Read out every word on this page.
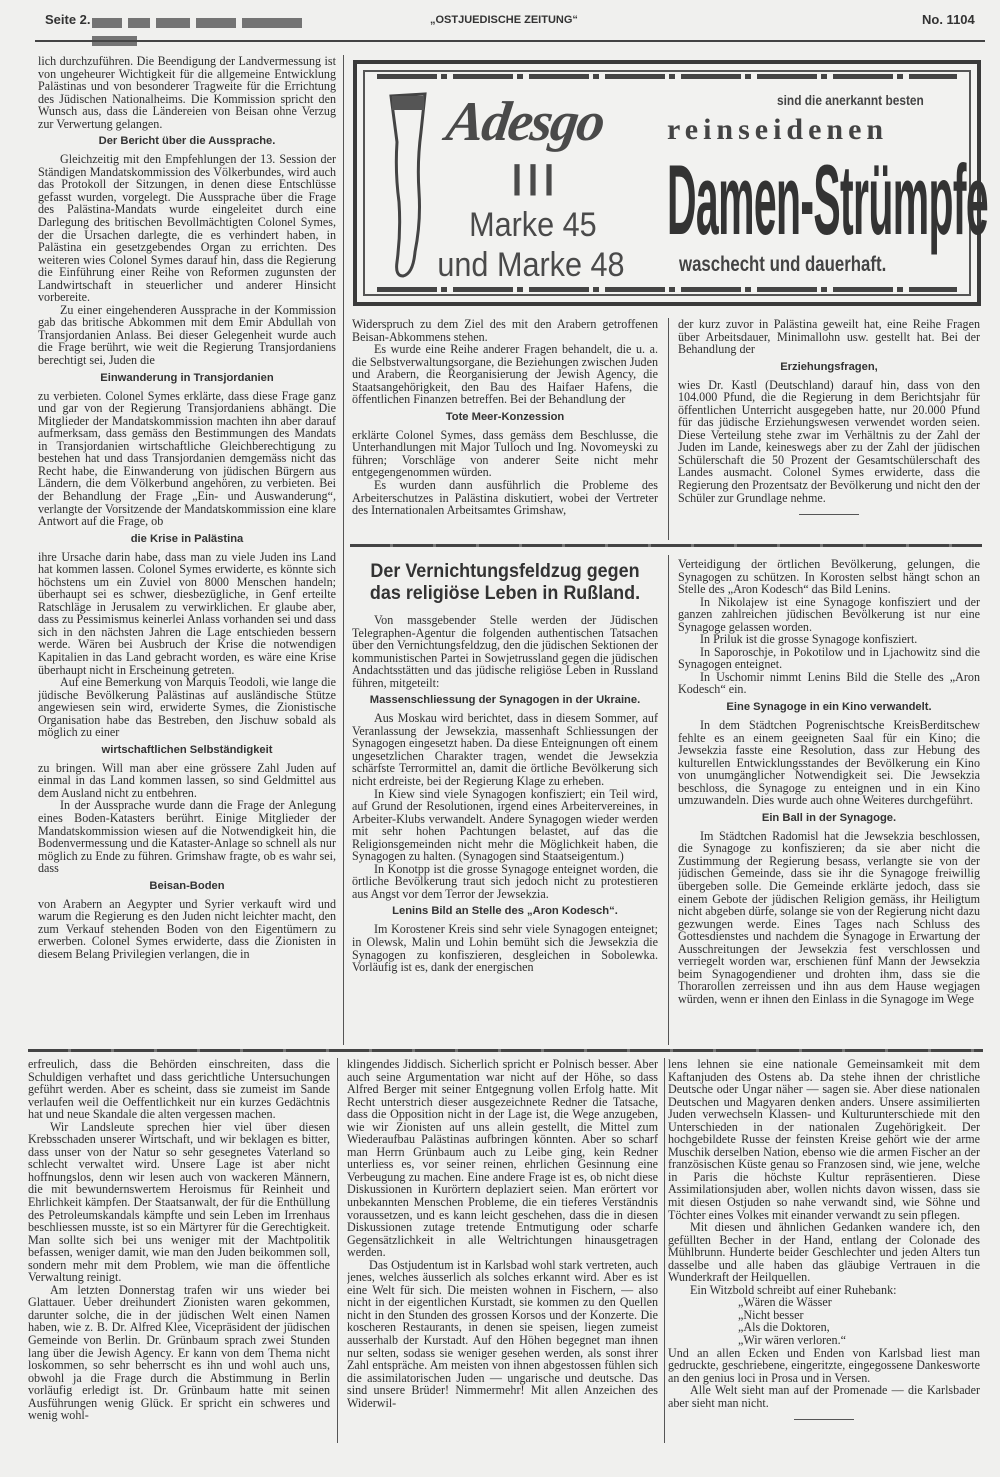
Seite 2.	„OSTJUEDISCHE ZEITUNG“	No. 1104

lich durchzuführen. Die Beendigung der Landvermessung ist von ungeheurer Wichtigkeit für die allgemeine Entwicklung Palästinas und von besonderer Tragweite für die Errichtung des Jüdischen Nationalheims. Die Kommission spricht den Wunsch aus, dass die Ländereien von Beisan ohne Verzug zur Verwertung gelangen.

Der Bericht über die Aussprache.

Gleichzeitig mit den Empfehlungen der 13. Session der Ständigen Mandatskommission des Völkerbundes, wird auch das Protokoll der Sitzungen, in denen diese Entschlüsse gefasst wurden, vorgelegt. Die Aussprache über die Frage des Palästina-Mandats wurde eingeleitet durch eine Darlegung des britischen Bevollmächtigten Colonel Symes, der die Ursachen darlegte, die es verhindert haben, in Palästina ein gesetzgebendes Organ zu errichten. Des weiteren wies Colonel Symes darauf hin, dass die Regierung die Einführung einer Reihe von Reformen zugunsten der Landwirtschaft in steuerlicher und anderer Hinsicht vorbereite.

Zu einer eingehenderen Aussprache in der Kommission gab das britische Abkommen mit dem Emir Abdullah von Transjordanien Anlass. Bei dieser Gelegenheit wurde auch die Frage berührt, wie weit die Regierung Transjordaniens berechtigt sei, Juden die

Einwanderung in Transjordanien

zu verbieten. Colonel Symes erklärte, dass diese Frage ganz und gar von der Regierung Transjordaniens abhängt. Die Mitglieder der Mandatskommission machten ihn aber darauf aufmerksam, dass gemäss den Bestimmungen des Mandats in Transjordanien wirtschaftliche Gleichberechtigung zu bestehen hat und dass Transjordanien demgemäss nicht das Recht habe, die Einwanderung von jüdischen Bürgern aus Ländern, die dem Völkerbund angehören, zu verbieten. Bei der Behandlung der Frage „Ein- und Auswanderung“, verlangte der Vorsitzende der Mandatskommission eine klare Antwort auf die Frage, ob

die Krise in Palästina

ihre Ursache darin habe, dass man zu viele Juden ins Land hat kommen lassen. Colonel Symes erwiderte, es könnte sich höchstens um ein Zuviel von 8000 Menschen handeln; überhaupt sei es schwer, diesbezügliche, in Genf erteilte Ratschläge in Jerusalem zu verwirklichen. Er glaube aber, dass zu Pessimismus keinerlei Anlass vorhanden sei und dass sich in den nächsten Jahren die Lage entschieden bessern werde. Wären bei Ausbruch der Krise die notwendigen Kapitalien in das Land gebracht worden, es wäre eine Krise überhaupt nicht in Erscheinung getreten.

Auf eine Bemerkung von Marquis Teodoli, wie lange die jüdische Bevölkerung Palästinas auf ausländische Stütze angewiesen sein wird, erwiderte Symes, die Zionistische Organisation habe das Bestreben, den Jischuw sobald als möglich zu einer

wirtschaftlichen Selbständigkeit

zu bringen. Will man aber eine grössere Zahl Juden auf einmal in das Land kommen lassen, so sind Geldmittel aus dem Ausland nicht zu entbehren.

In der Aussprache wurde dann die Frage der Anlegung eines Boden-Katasters berührt. Einige Mitglieder der Mandatskommission wiesen auf die Notwendigkeit hin, die Bodenvermessung und die Kataster-Anlage so schnell als nur möglich zu Ende zu führen. Grimshaw fragte, ob es wahr sei, dass

Beisan-Boden

von Arabern an Aegypter und Syrier verkauft wird und warum die Regierung es den Juden nicht leichter macht, den zum Verkauf stehenden Boden von den Eigentümern zu erwerben. Colonel Symes erwiderte, dass die Zionisten in diesem Belang Privilegien verlangen, die in

Adesgo
III
Marke 45
und Marke 48
sind die anerkannt besten
reinseidenen
Damen-Strümpfe
waschecht und dauerhaft.

Widerspruch zu dem Ziel des mit den Arabern getroffenen Beisan-Abkommens stehen.

Es wurde eine Reihe anderer Fragen behandelt, die u. a. die Selbstverwaltungsorgane, die Beziehungen zwischen Juden und Arabern, die Reorganisierung der Jewish Agency, die Staatsangehörigkeit, den Bau des Haifaer Hafens, die öffentlichen Finanzen betreffen. Bei der Behandlung der

Tote Meer-Konzession

erklärte Colonel Symes, dass gemäss dem Beschlusse, die Unterhandlungen mit Major Tulloch und Ing. Novomeyski zu führen; Vorschläge von anderer Seite nicht mehr entgegengenommen würden.

Es wurden dann ausführlich die Probleme des Arbeiterschutzes in Palästina diskutiert, wobei der Vertreter des Internationalen Arbeitsamtes Grimshaw,

der kurz zuvor in Palästina geweilt hat, eine Reihe Fragen über Arbeitsdauer, Minimallohn usw. gestellt hat. Bei der Behandlung der

Erziehungsfragen,

wies Dr. Kastl (Deutschland) darauf hin, dass von den 104.000 Pfund, die die Regierung in dem Berichtsjahr für öffentlichen Unterricht ausgegeben hatte, nur 20.000 Pfund für das jüdische Erziehungswesen verwendet worden seien. Diese Verteilung stehe zwar im Verhältnis zu der Zahl der Juden im Lande, keineswegs aber zu der Zahl der jüdischen Schülerschaft die 50 Prozent der Gesamtschülerschaft des Landes ausmacht. Colonel Symes erwiderte, dass die Regierung den Prozentsatz der Bevölkerung und nicht den der Schüler zur Grundlage nehme.

Der Vernichtungsfeldzug gegen das religiöse Leben in Rußland.

Von massgebender Stelle werden der Jüdischen Telegraphen-Agentur die folgenden authentischen Tatsachen über den Vernichtungsfeldzug, den die jüdischen Sektionen der kommunistischen Partei in Sowjetrussland gegen die jüdischen Andachtsstätten und das jüdische religiöse Leben in Russland führen, mitgeteilt:

Massenschliessung der Synagogen in der Ukraine.

Aus Moskau wird berichtet, dass in diesem Sommer, auf Veranlassung der Jewsekzia, massenhaft Schliessungen der Synagogen eingesetzt haben. Da diese Enteignungen oft einem ungesetzlichen Charakter tragen, wendet die Jewsekzia schärfste Terrormittel an, damit die örtliche Bevölkerung sich nicht erdreiste, bei der Regierung Klage zu erheben.

In Kiew sind viele Synagogen konfisziert; ein Teil wird, auf Grund der Resolutionen, irgend eines Arbeitervereines, in Arbeiter-Klubs verwandelt. Andere Synagogen wieder werden mit sehr hohen Pachtungen belastet, auf das die Religionsgemeinden nicht mehr die Möglichkeit haben, die Synagogen zu halten. (Synagogen sind Staatseigentum.)

In Konotpp ist die grosse Synagoge enteignet worden, die örtliche Bevölkerung traut sich jedoch nicht zu protestieren aus Angst vor dem Terror der Jewsekzia.

Lenins Bild an Stelle des „Aron Kodesch“.

Im Korostener Kreis sind sehr viele Synagogen enteignet; in Olewsk, Malin und Lohin bemüht sich die Jewsekzia die Synagogen zu konfiszieren, desgleichen in Sobolewka. Vorläufig ist es, dank der energischen

Verteidigung der örtlichen Bevölkerung, gelungen, die Synagogen zu schützen. In Korosten selbst hängt schon an Stelle des „Aron Kodesch“ das Bild Lenins.

In Nikolajew ist eine Synagoge konfisziert und der ganzen zahlreichen jüdischen Bevölkerung ist nur eine Synagoge gelassen worden.

In Priluk ist die grosse Synagoge konfisziert.

In Saporoschje, in Pokotilow und in Ljachowitz sind die Synagogen enteignet.

In Uschomir nimmt Lenins Bild die Stelle des „Aron Kodesch“ ein.

Eine Synagoge in ein Kino verwandelt.

In dem Städtchen Pogrenischtsche KreisBerditschew fehlte es an einem geeigneten Saal für ein Kino; die Jewsekzia fasste eine Resolution, dass zur Hebung des kulturellen Entwicklungsstandes der Bevölkerung ein Kino von unumgänglicher Notwendigkeit sei. Die Jewsekzia beschloss, die Synagoge zu enteignen und in ein Kino umzuwandeln. Dies wurde auch ohne Weiteres durchgeführt.

Ein Ball in der Synagoge.

Im Städtchen Radomisl hat die Jewsekzia beschlossen, die Synagoge zu konfiszieren; da sie aber nicht die Zustimmung der Regierung besass, verlangte sie von der jüdischen Gemeinde, dass sie ihr die Synagoge freiwillig übergeben solle. Die Gemeinde erklärte jedoch, dass sie einem Gebote der jüdischen Religion gemäss, ihr Heiligtum nicht abgeben dürfe, solange sie von der Regierung nicht dazu gezwungen werde. Eines Tages nach Schluss des Gottesdienstes und nachdem die Synagoge in Erwartung der Ausschreitungen der Jewsekzia fest verschlossen und verriegelt worden war, erschienen fünf Mann der Jewsekzia beim Synagogendiener und drohten ihm, dass sie die Thorarollen zerreissen und ihn aus dem Hause wegjagen würden, wenn er ihnen den Einlass in die Synagoge im Wege

erfreulich, dass die Behörden einschreiten, dass die Schuldigen verhaftet und dass gerichtliche Untersuchungen geführt werden. Aber es scheint, dass sie zumeist im Sande verlaufen weil die Oeffentlichkeit nur ein kurzes Gedächtnis hat und neue Skandale die alten vergessen machen.

Wir Landsleute sprechen hier viel über diesen Krebsschaden unserer Wirtschaft, und wir beklagen es bitter, dass unser von der Natur so sehr gesegnetes Vaterland so schlecht verwaltet wird. Unsere Lage ist aber nicht hoffnungslos, denn wir lesen auch von wackeren Männern, die mit bewundernswertem Heroismus für Reinheit und Ehrlichkeit kämpfen. Der Staatsanwalt, der für die Enthüllung des Petroleumskandals kämpfte und sein Leben im Irrenhaus beschliessen musste, ist so ein Märtyrer für die Gerechtigkeit. Man sollte sich bei uns weniger mit der Machtpolitik befassen, weniger damit, wie man den Juden beikommen soll, sondern mehr mit dem Problem, wie man die öffentliche Verwaltung reinigt.

Am letzten Donnerstag trafen wir uns wieder bei Glattauer. Ueber dreihundert Zionisten waren gekommen, darunter solche, die in der jüdischen Welt einen Namen haben, wie z. B. Dr. Alfred Klee, Vicepräsident der jüdischen Gemeinde von Berlin. Dr. Grünbaum sprach zwei Stunden lang über die Jewish Agency. Er kann von dem Thema nicht loskommen, so sehr beherrscht es ihn und wohl auch uns, obwohl ja die Frage durch die Abstimmung in Berlin vorläufig erledigt ist. Dr. Grünbaum hatte mit seinen Ausführungen wenig Glück. Er spricht ein schweres und wenig wohl-

klingendes Jiddisch. Sicherlich spricht er Polnisch besser. Aber auch seine Argumentation war nicht auf der Höhe, so dass Alfred Berger mit seiner Entgegnung vollen Erfolg hatte. Mit Recht unterstrich dieser ausgezeichnete Redner die Tatsache, dass die Opposition nicht in der Lage ist, die Wege anzugeben, wie wir Zionisten auf uns allein gestellt, die Mittel zum Wiederaufbau Palästinas aufbringen könnten. Aber so scharf man Herrn Grünbaum auch zu Leibe ging, kein Redner unterliess es, vor seiner reinen, ehrlichen Gesinnung eine Verbeugung zu machen. Eine andere Frage ist es, ob nicht diese Diskussionen in Kurörtern deplaziert seien. Man erörtert vor unbekannten Menschen Probleme, die ein tieferes Verständnis voraussetzen, und es kann leicht geschehen, dass die in diesen Diskussionen zutage tretende Entmutigung oder scharfe Gegensätzlichkeit in alle Weltrichtungen hinausgetragen werden.

Das Ostjudentum ist in Karlsbad wohl stark vertreten, auch jenes, welches äusserlich als solches erkannt wird. Aber es ist eine Welt für sich. Die meisten wohnen in Fischern, — also nicht in der eigentlichen Kurstadt, sie kommen zu den Quellen nicht in den Stunden des grossen Korsos und der Konzerte. Die koscheren Restaurants, in denen sie speisen, liegen zumeist ausserhalb der Kurstadt. Auf den Höhen begegnet man ihnen nur selten, sodass sie weniger gesehen werden, als sonst ihrer Zahl entspräche. Am meisten von ihnen abgestossen fühlen sich die assimilatorischen Juden — ungarische und deutsche. Das sind unsere Brüder! Nimmermehr! Mit allen Anzeichen des Widerwil-

lens lehnen sie eine nationale Gemeinsamkeit mit dem Kaftanjuden des Ostens ab. Da stehe ihnen der christliche Deutsche oder Ungar näher — sagen sie. Aber diese nationalen Deutschen und Magyaren denken anders. Unsere assimilierten Juden verwechseln Klassen- und Kulturunterschiede mit den Unterschieden in der nationalen Zugehörigkeit. Der hochgebildete Russe der feinsten Kreise gehört wie der arme Muschik derselben Nation, ebenso wie die armen Fischer an der französischen Küste genau so Franzosen sind, wie jene, welche in Paris die höchste Kultur repräsentieren. Diese Assimilationsjuden aber, wollen nichts davon wissen, dass sie mit diesen Ostjuden so nahe verwandt sind, wie Söhne und Töchter eines Volkes mit einander verwandt zu sein pflegen.

Mit diesen und ähnlichen Gedanken wandere ich, den gefüllten Becher in der Hand, entlang der Colonade des Mühlbrunn. Hunderte beider Geschlechter und jeden Alters tun dasselbe und alle haben das gläubige Vertrauen in die Wunderkraft der Heilquellen.

Ein Witzbold schreibt auf einer Ruhebank:

„Wären die Wässer

„Nicht besser

„Als die Doktoren,

„Wir wären verloren.“

Und an allen Ecken und Enden von Karlsbad liest man gedruckte, geschriebene, eingeritzte, eingegossene Dankesworte an den genius loci in Prosa und in Versen.

Alle Welt sieht man auf der Promenade — die Karlsbader aber sieht man nicht.
